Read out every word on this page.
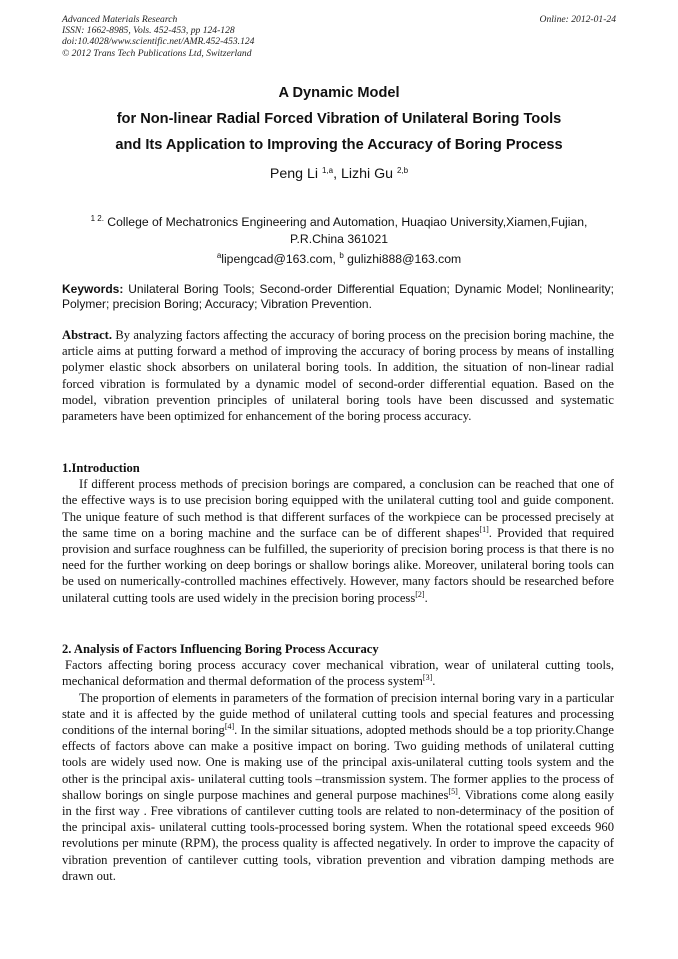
Advanced Materials Research
ISSN: 1662-8985, Vols. 452-453, pp 124-128
doi:10.4028/www.scientific.net/AMR.452-453.124
© 2012 Trans Tech Publications Ltd, Switzerland
Online: 2012-01-24
A Dynamic Model
for Non-linear Radial Forced Vibration of Unilateral Boring Tools
and Its Application to Improving the Accuracy of Boring Process
Peng Li $^{1,a}$, Lizhi Gu $^{2,b}$
$^{1 2.}$ College of Mechatronics Engineering and Automation, Huaqiao University,Xiamen,Fujian,
P.R.China 361021
$^a$lipengcad@163.com, $^b$ gulizhi888@163.com
Keywords: Unilateral Boring Tools; Second-order Differential Equation; Dynamic Model; Nonlinearity; Polymer; precision Boring; Accuracy; Vibration Prevention.
Abstract. By analyzing factors affecting the accuracy of boring process on the precision boring machine, the article aims at putting forward a method of improving the accuracy of boring process by means of installing polymer elastic shock absorbers on unilateral boring tools. In addition, the situation of non-linear radial forced vibration is formulated by a dynamic model of second-order differential equation. Based on the model, vibration prevention principles of unilateral boring tools have been discussed and systematic parameters have been optimized for enhancement of the boring process accuracy.
1.Introduction

If different process methods of precision borings are compared, a conclusion can be reached that one of the effective ways is to use precision boring equipped with the unilateral cutting tool and guide component. The unique feature of such method is that different surfaces of the workpiece can be processed precisely at the same time on a boring machine and the surface can be of different shapes[1]. Provided that required provision and surface roughness can be fulfilled, the superiority of precision boring process is that there is no need for the further working on deep borings or shallow borings alike. Moreover, unilateral boring tools can be used on numerically-controlled machines effectively. However, many factors should be researched before unilateral cutting tools are used widely in the precision boring process[2].

2. Analysis of Factors Influencing Boring Process Accuracy

Factors affecting boring process accuracy cover mechanical vibration, wear of unilateral cutting tools, mechanical deformation and thermal deformation of the process system[3].

The proportion of elements in parameters of the formation of precision internal boring vary in a particular state and it is affected by the guide method of unilateral cutting tools and special features and processing conditions of the internal boring[4]. In the similar situations, adopted methods should be a top priority.Change effects of factors above can make a positive impact on boring. Two guiding methods of unilateral cutting tools are widely used now. One is making use of the principal axis-unilateral cutting tools system and the other is the principal axis- unilateral cutting tools –transmission system. The former applies to the process of shallow borings on single purpose machines and general purpose machines[5]. Vibrations come along easily in the first way . Free vibrations of cantilever cutting tools are related to non-determinacy of the position of the principal axis- unilateral cutting tools-processed boring system. When the rotational speed exceeds 960 revolutions per minute (RPM), the process quality is affected negatively. In order to improve the capacity of vibration prevention of cantilever cutting tools, vibration prevention and vibration damping methods are drawn out.
